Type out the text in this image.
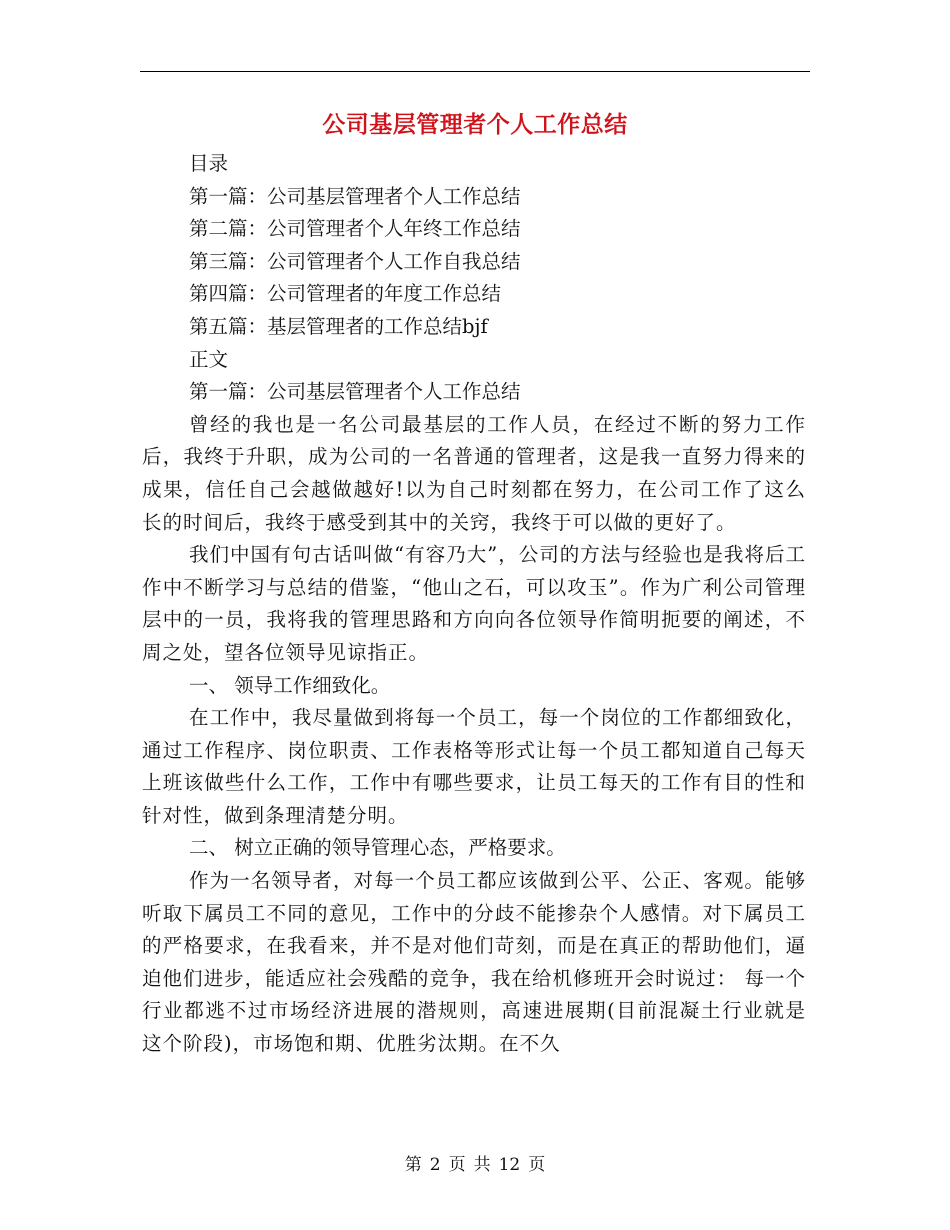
公司基层管理者个人工作总结
目录
第一篇：公司基层管理者个人工作总结
第二篇：公司管理者个人年终工作总结
第三篇：公司管理者个人工作自我总结
第四篇：公司管理者的年度工作总结
第五篇：基层管理者的工作总结bjf
正文
第一篇：公司基层管理者个人工作总结
曾经的我也是一名公司最基层的工作人员，在经过不断的努力工作后，我终于升职，成为公司的一名普通的管理者，这是我一直努力得来的成果，信任自己会越做越好!以为自己时刻都在努力，在公司工作了这么长的时间后，我终于感受到其中的关窍，我终于可以做的更好了。
我们中国有句古话叫做“有容乃大”，公司的方法与经验也是我将后工作中不断学习与总结的借鉴，“他山之石，可以攻玉”。作为广利公司管理层中的一员，我将我的管理思路和方向向各位领导作简明扼要的阐述，不周之处，望各位领导见谅指正。
一、 领导工作细致化。
在工作中，我尽量做到将每一个员工，每一个岗位的工作都细致化，通过工作程序、岗位职责、工作表格等形式让每一个员工都知道自己每天上班该做些什么工作，工作中有哪些要求，让员工每天的工作有目的性和针对性，做到条理清楚分明。
二、 树立正确的领导管理心态，严格要求。
作为一名领导者，对每一个员工都应该做到公平、公正、客观。能够听取下属员工不同的意见，工作中的分歧不能掺杂个人感情。对下属员工的严格要求，在我看来，并不是对他们苛刻，而是在真正的帮助他们，逼迫他们进步，能适应社会残酷的竞争，我在给机修班开会时说过： 每一个行业都逃不过市场经济进展的潜规则，高速进展期(目前混凝土行业就是这个阶段)，市场饱和期、优胜劣汰期。在不久
第 2 页 共 12 页
